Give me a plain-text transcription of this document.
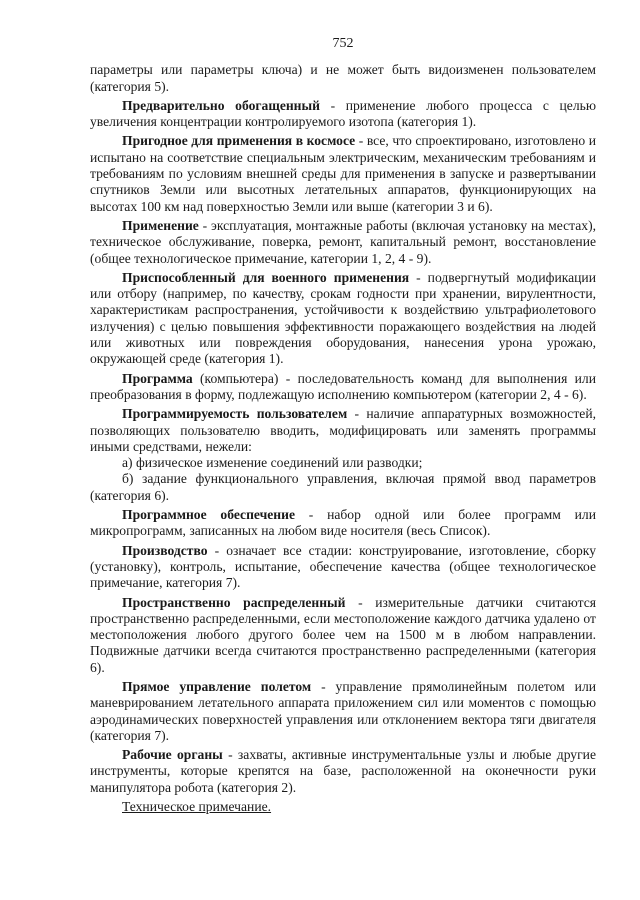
752
параметры или параметры ключа) и не может быть видоизменен пользователем (категория 5).
Предварительно обогащенный - применение любого процесса с целью увеличения концентрации контролируемого изотопа (категория 1).
Пригодное для применения в космосе - все, что спроектировано, изготовлено и испытано на соответствие специальным электрическим, механическим требованиям и требованиям по условиям внешней среды для применения в запуске и развертывании спутников Земли или высотных летательных аппаратов, функционирующих на высотах 100 км над поверхностью Земли или выше (категории 3 и 6).
Применение - эксплуатация, монтажные работы (включая установку на местах), техническое обслуживание, поверка, ремонт, капитальный ремонт, восстановление (общее технологическое примечание, категории 1, 2, 4 - 9).
Приспособленный для военного применения - подвергнутый модификации или отбору (например, по качеству, срокам годности при хранении, вирулентности, характеристикам распространения, устойчивости к воздействию ультрафиолетового излучения) с целью повышения эффективности поражающего воздействия на людей или животных или повреждения оборудования, нанесения урона урожаю, окружающей среде (категория 1).
Программа (компьютера) - последовательность команд для выполнения или преобразования в форму, подлежащую исполнению компьютером (категории 2, 4 - 6).
Программируемость пользователем - наличие аппаратурных возможностей, позволяющих пользователю вводить, модифицировать или заменять программы иными средствами, нежели:
а) физическое изменение соединений или разводки;
б) задание функционального управления, включая прямой ввод параметров (категория 6).
Программное обеспечение - набор одной или более программ или микропрограмм, записанных на любом виде носителя (весь Список).
Производство - означает все стадии: конструирование, изготовление, сборку (установку), контроль, испытание, обеспечение качества (общее технологическое примечание, категория 7).
Пространственно распределенный - измерительные датчики считаются пространственно распределенными, если местоположение каждого датчика удалено от местоположения любого другого более чем на 1500 м в любом направлении. Подвижные датчики всегда считаются пространственно распределенными (категория 6).
Прямое управление полетом - управление прямолинейным полетом или маневрированием летательного аппарата приложением сил или моментов с помощью аэродинамических поверхностей управления или отклонением вектора тяги двигателя (категория 7).
Рабочие органы - захваты, активные инструментальные узлы и любые другие инструменты, которые крепятся на базе, расположенной на оконечности руки манипулятора робота (категория 2).
Техническое примечание.
